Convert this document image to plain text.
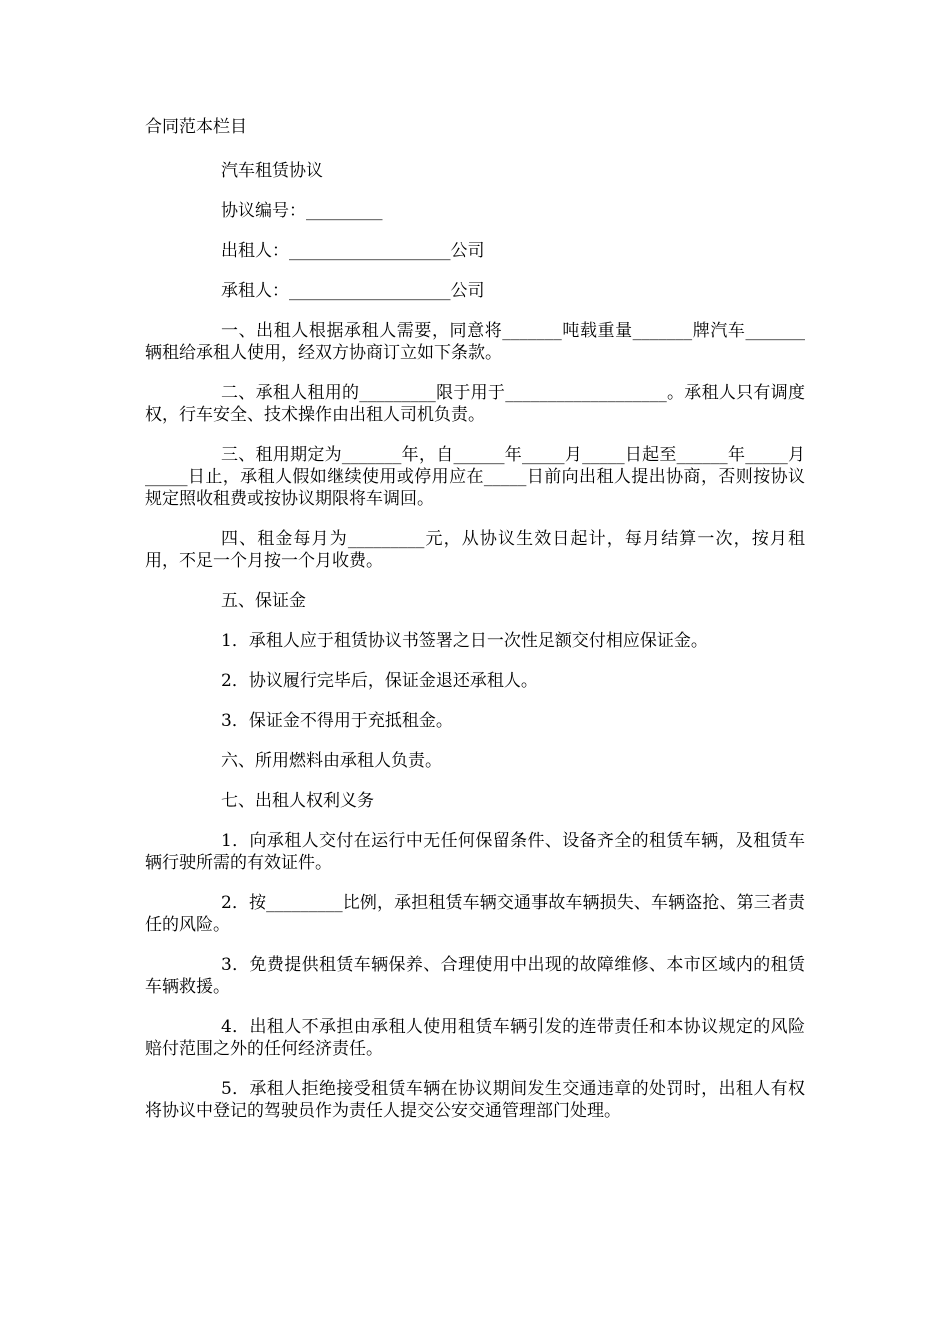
合同范本栏目

汽车租赁协议

协议编号：_________

出租人：___________________公司

承租人：___________________公司

一、出租人根据承租人需要，同意将_______吨载重量_______牌汽车_______辆租给承租人使用，经双方协商订立如下条款。

二、承租人租用的_________限于用于___________________。承租人只有调度权，行车安全、技术操作由出租人司机负责。

三、租用期定为_______年，自______年_____月_____日起至______年_____月_____日止，承租人假如继续使用或停用应在_____日前向出租人提出协商，否则按协议规定照收租费或按协议期限将车调回。

四、租金每月为_________元，从协议生效日起计，每月结算一次，按月租用，不足一个月按一个月收费。

五、保证金

1．承租人应于租赁协议书签署之日一次性足额交付相应保证金。

2．协议履行完毕后，保证金退还承租人。

3．保证金不得用于充抵租金。

六、所用燃料由承租人负责。

七、出租人权利义务

1．向承租人交付在运行中无任何保留条件、设备齐全的租赁车辆，及租赁车辆行驶所需的有效证件。

2．按_________比例，承担租赁车辆交通事故车辆损失、车辆盗抢、第三者责任的风险。

3．免费提供租赁车辆保养、合理使用中出现的故障维修、本市区域内的租赁车辆救援。

4．出租人不承担由承租人使用租赁车辆引发的连带责任和本协议规定的风险赔付范围之外的任何经济责任。

5．承租人拒绝接受租赁车辆在协议期间发生交通违章的处罚时，出租人有权将协议中登记的驾驶员作为责任人提交公安交通管理部门处理。
